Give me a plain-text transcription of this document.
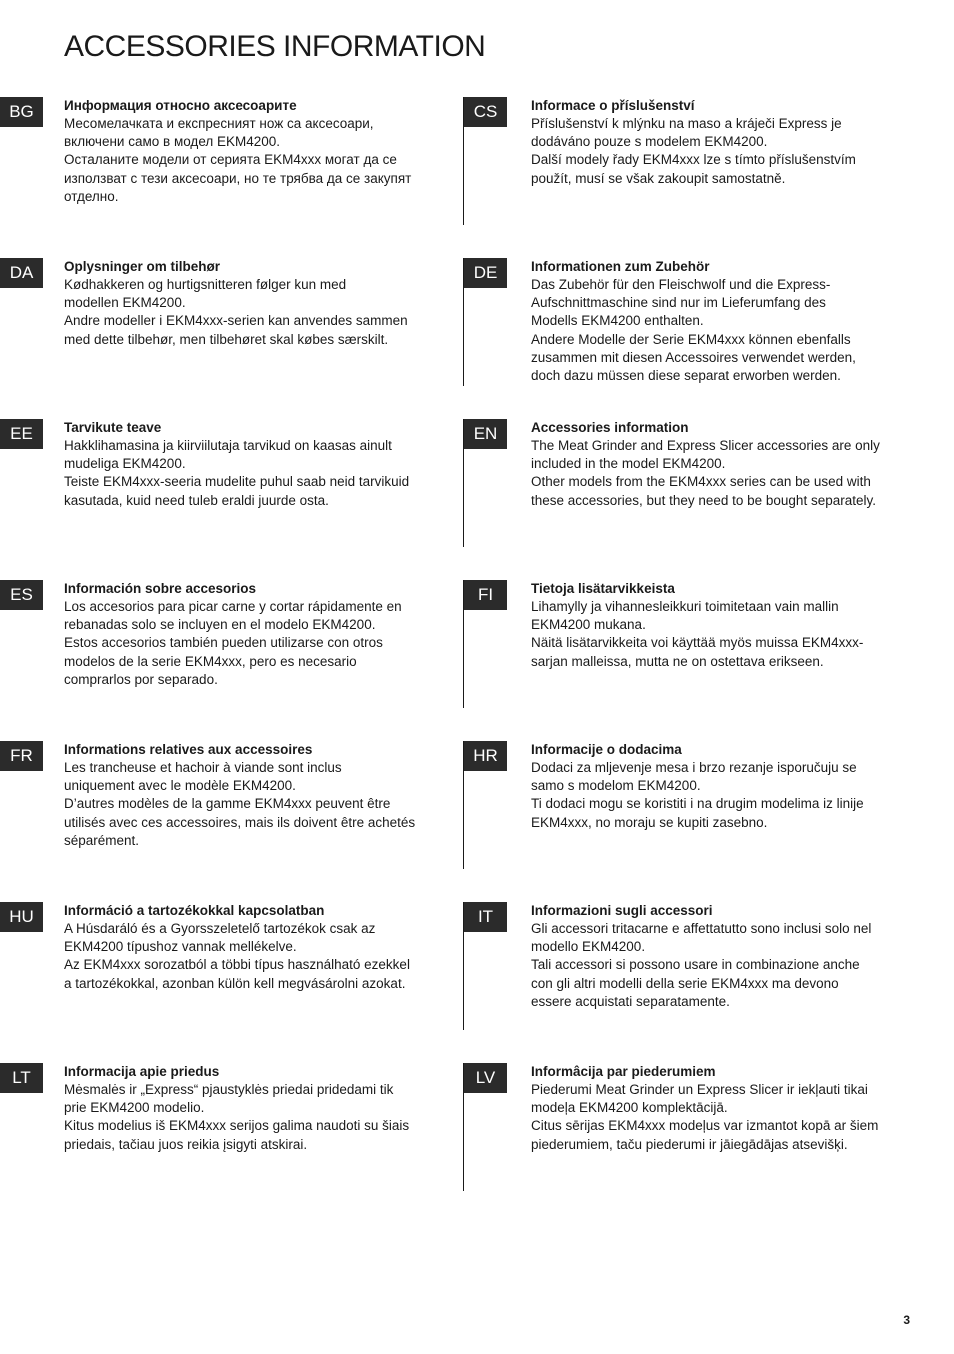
ACCESSORIES INFORMATION
BG	Информация относно аксесоарите

Месомелачката и експресният нож са аксесоари,
включени само в модел EKM4200.
Осталаните модели от серията EKM4xxx могат да се
използват с тези аксесоари, но те трябва да се закупят
отделно.

CS	Informace o příslušenství

Příslušenství k mlýnku na maso a kráječi Express je
dodáváno pouze s modelem EKM4200.
Další modely řady EKM4xxx lze s tímto příslušenstvím
použít, musí se však zakoupit samostatně.

DA	Oplysninger om tilbehør

Kødhakkeren og hurtigsnitteren følger kun med
modellen EKM4200.
Andre modeller i EKM4xxx-serien kan anvendes sammen
med dette tilbehør, men tilbehøret skal købes særskilt.

DE	Informationen zum Zubehör

Das Zubehör für den Fleischwolf und die Express-
Aufschnittmaschine sind nur im Lieferumfang des
Modells EKM4200 enthalten.
Andere Modelle der Serie EKM4xxx können ebenfalls
zusammen mit diesen Accessoires verwendet werden,
doch dazu müssen diese separat erworben werden.

EE	Tarvikute teave

Hakklihamasina ja kiirviilutaja tarvikud on kaasas ainult
mudeliga EKM4200.
Teiste EKM4xxx-seeria mudelite puhul saab neid tarvikuid
kasutada, kuid need tuleb eraldi juurde osta.

EN	Accessories information

The Meat Grinder and Express Slicer accessories are only
included in the model EKM4200.
Other models from the EKM4xxx series can be used with
these accessories, but they need to be bought separately.

ES	Información sobre accesorios

Los accesorios para picar carne y cortar rápidamente en
rebanadas solo se incluyen en el modelo EKM4200.
Estos accesorios también pueden utilizarse con otros
modelos de la serie EKM4xxx, pero es necesario
comprarlos por separado.

FI	Tietoja lisätarvikkeista

Lihamylly ja vihannesleikkuri toimitetaan vain mallin
EKM4200 mukana.
Näitä lisätarvikkeita voi käyttää myös muissa EKM4xxx-
sarjan malleissa, mutta ne on ostettava erikseen.

FR	Informations relatives aux accessoires

Les trancheuse et hachoir à viande sont inclus
uniquement avec le modèle EKM4200.
D’autres modèles de la gamme EKM4xxx peuvent être
utilisés avec ces accessoires, mais ils doivent être achetés
séparément.

HR	Informacije o dodacima

Dodaci za mljevenje mesa i brzo rezanje isporučuju se
samo s modelom EKM4200.
Ti dodaci mogu se koristiti i na drugim modelima iz linije
EKM4xxx, no moraju se kupiti zasebno.

HU	Információ a tartozékokkal kapcsolatban

A Húsdaráló és a Gyorsszeletelő tartozékok csak az
EKM4200 típushoz vannak mellékelve.
Az EKM4xxx sorozatból a többi típus használható ezekkel
a tartozékokkal, azonban külön kell megvásárolni azokat.

IT	Informazioni sugli accessori

Gli accessori tritacarne e affettatutto sono inclusi solo nel
modello EKM4200.
Tali accessori si possono usare in combinazione anche
con gli altri modelli della serie EKM4xxx ma devono
essere acquistati separatamente.

LT	Informacija apie priedus

Mėsmalės ir „Express“ pjaustyklės priedai pridedami tik
prie EKM4200 modelio.
Kitus modelius iš EKM4xxx serijos galima naudoti su šiais
priedais, tačiau juos reikia įsigyti atskirai.

LV	Informâcija par piederumiem

Piederumi Meat Grinder un Express Slicer ir iekļauti tikai
modeļa EKM4200 komplektācijā.
Citus sērijas EKM4xxx modeļus var izmantot kopā ar šiem
piederumiem, taču piederumi ir jāiegādājas atsevišķi.

3
